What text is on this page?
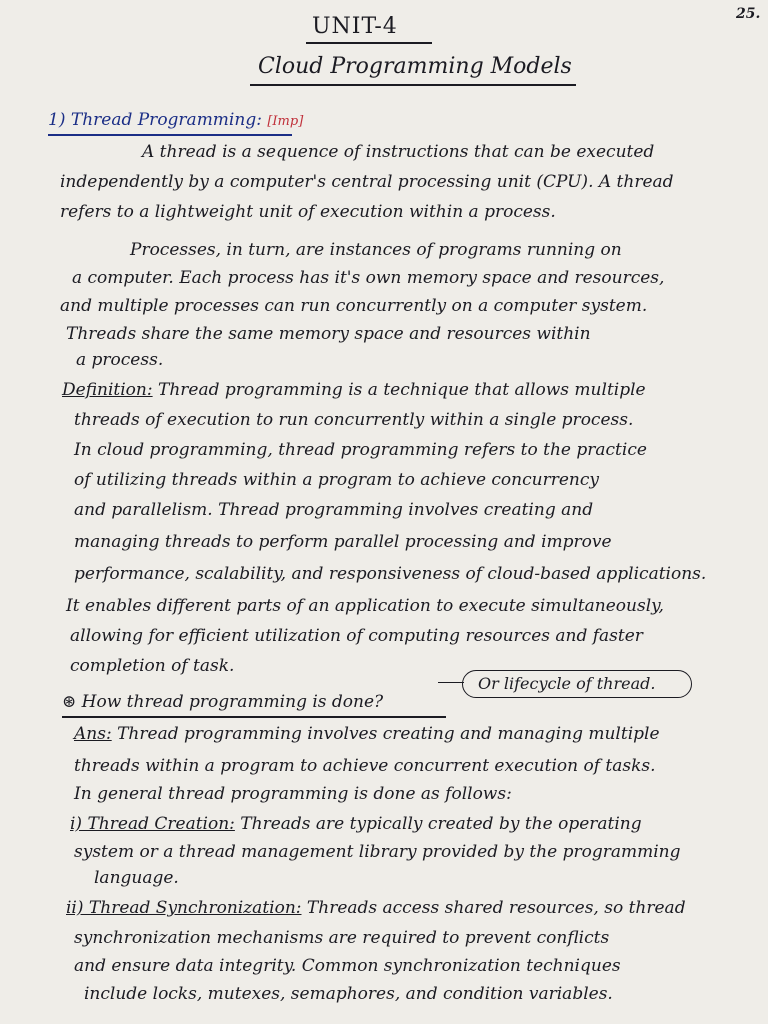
25.
UNIT-4
Cloud Programming Models
1) Thread Programming: [Imp]
A thread is a sequence of instructions that can be executed
independently by a computer's central processing unit (CPU). A thread
refers to a lightweight unit of execution within a process.
Processes, in turn, are instances of programs running on
a computer. Each process has it's own memory space and resources,
and multiple processes can run concurrently on a computer system.
Threads share the same memory space and resources within
a process.
Definition: Thread programming is a technique that allows multiple
threads of execution to run concurrently within a single process.
In cloud programming, thread programming refers to the practice
of utilizing threads within a program to achieve concurrency
and parallelism. Thread programming involves creating and
managing threads to perform parallel processing and improve
performance, scalability, and responsiveness of cloud-based applications.
It enables different parts of an application to execute simultaneously,
allowing for efficient utilization of computing resources and faster
completion of task.
Or lifecycle of thread.
⊛ How thread programming is done?
Ans: Thread programming involves creating and managing multiple
threads within a program to achieve concurrent execution of tasks.
In general thread programming is done as follows:
i) Thread Creation: Threads are typically created by the operating
system or a thread management library provided by the programming
language.
ii) Thread Synchronization: Threads access shared resources, so thread
synchronization mechanisms are required to prevent conflicts
and ensure data integrity. Common synchronization techniques
include locks, mutexes, semaphores, and condition variables.
